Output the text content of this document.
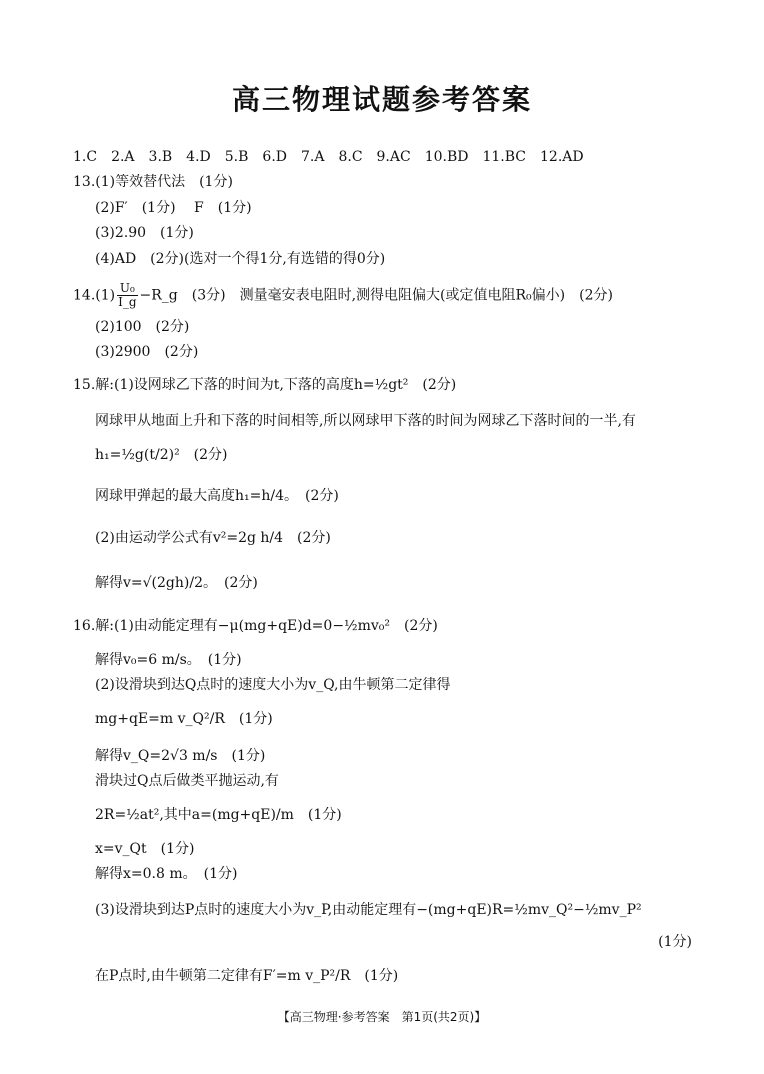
高三物理试题参考答案
1.C　2.A　3.B　4.D　5.B　6.D　7.A　8.C　9.AC　10.BD　11.BC　12.AD
13.(1)等效替代法　(1分)
(2)F′　(1分)　 F　(1分)
(3)2.90　(1分)
(4)AD　(2分)(选对一个得1分,有选错的得0分)
$14.(1) \frac{\text{U₀}}{I\_g}$ −R_g　(3分)　测量毫安表电阻时,测得电阻偏大(或定值电阻R₀偏小)　(2分)
(2)100　(2分)
(3)2900　(2分)
15.解:(1)设网球乙下落的时间为t,下落的高度h=½gt²　(2分)
网球甲从地面上升和下落的时间相等,所以网球甲下落的时间为网球乙下落时间的一半,有
h₁=½g(t/2)²　(2分)
网球甲弹起的最大高度h₁=h/4。　(2分)
(2)由运动学公式有v²=2g h/4　(2分)
解得v=√(2gh)/2。　(2分)
16.解:(1)由动能定理有−μ(mg+qE)d=0−½mv₀²　(2分)
解得v₀=6 m/s。　(1分)
(2)设滑块到达Q点时的速度大小为v_Q,由牛顿第二定律得
mg+qE=m v_Q²/R　(1分)
解得v_Q=2√3 m/s　(1分)
滑块过Q点后做类平抛运动,有
2R=½at²,其中a=(mg+qE)/m　(1分)
x=v_Qt　(1分)
解得x=0.8 m。　(1分)
(3)设滑块到达P点时的速度大小为v_P,由动能定理有−(mg+qE)R=½mv_Q²−½mv_P²
(1分)
在P点时,由牛顿第二定律有F′=m v_P²/R　(1分)
【高三物理·参考答案　第1页(共2页)】
